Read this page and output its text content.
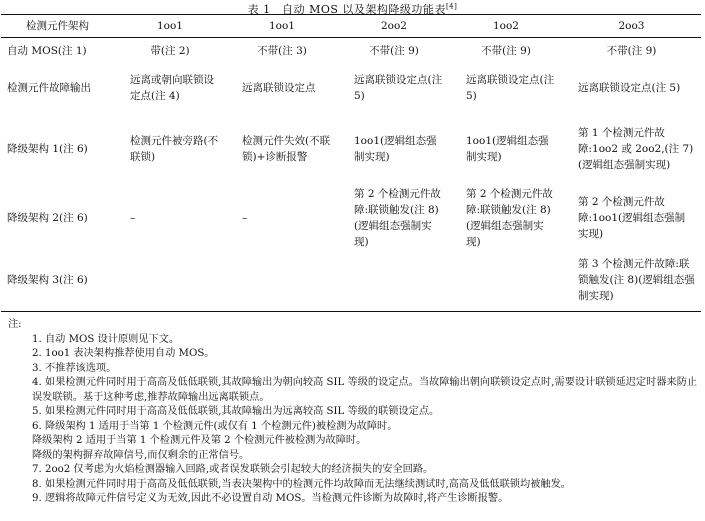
表 1　自动 MOS 以及架构降级功能表[4]
检测元件架构	1oo1	1oo1	2oo2	1oo2	2oo3
自动 MOS(注 1)	带(注 2)	不带(注 3)	不带(注 9)	不带(注 9)	不带(注 9)
检测元件故障输出	远离或朝向联锁设定点(注 4)	远离联锁设定点	远离联锁设定点(注 5)	远离联锁设定点(注 5)	远离联锁设定点(注 5)
降级架构 1(注 6)	检测元件被旁路(不联锁)	检测元件失效(不联锁)+诊断报警	1oo1(逻辑组态强制实现)	1oo1(逻辑组态强制实现)	第 1 个检测元件故障:1oo2 或 2oo2,(注 7)(逻辑组态强制实现)
降级架构 2(注 6)	–	–	第 2 个检测元件故障:联锁触发(注 8)(逻辑组态强制实现)	第 2 个检测元件故障:联锁触发(注 8)(逻辑组态强制实现)	第 2 个检测元件故障:1oo1(逻辑组态强制实现)
降级架构 3(注 6)					第 3 个检测元件故障:联锁触发(注 8)(逻辑组态强制实现)
注:
1. 自动 MOS 设计原则见下文。
2. 1oo1 表决架构推荐使用自动 MOS。
3. 不推荐该选项。
4. 如果检测元件同时用于高高及低低联锁,其故障输出为朝向较高 SIL 等级的设定点。当故障输出朝向联锁设定点时,需要设计联锁延迟定时器来防止误发联锁。基于这种考虑,推荐故障输出远离联锁点。
5. 如果检测元件同时用于高高及低低联锁,其故障输出为远离较高 SIL 等级的联锁设定点。
6. 降级架构 1 适用于当第 1 个检测元件(或仅有 1 个检测元件)被检测为故障时。
降级架构 2 适用于当第 1 个检测元件及第 2 个检测元件被检测为故障时。
降级的架构摒弃故障信号,而仅剩余的正常信号。
7. 2oo2 仅考虑为火焰检测器输入回路,或者误发联锁会引起较大的经济损失的安全回路。
8. 如果检测元件同时用于高高及低低联锁,当表决架构中的检测元件均故障而无法继续测试时,高高及低低联锁均被触发。
9. 逻辑将故障元件信号定义为无效,因此不必设置自动 MOS。当检测元件诊断为故障时,将产生诊断报警。
